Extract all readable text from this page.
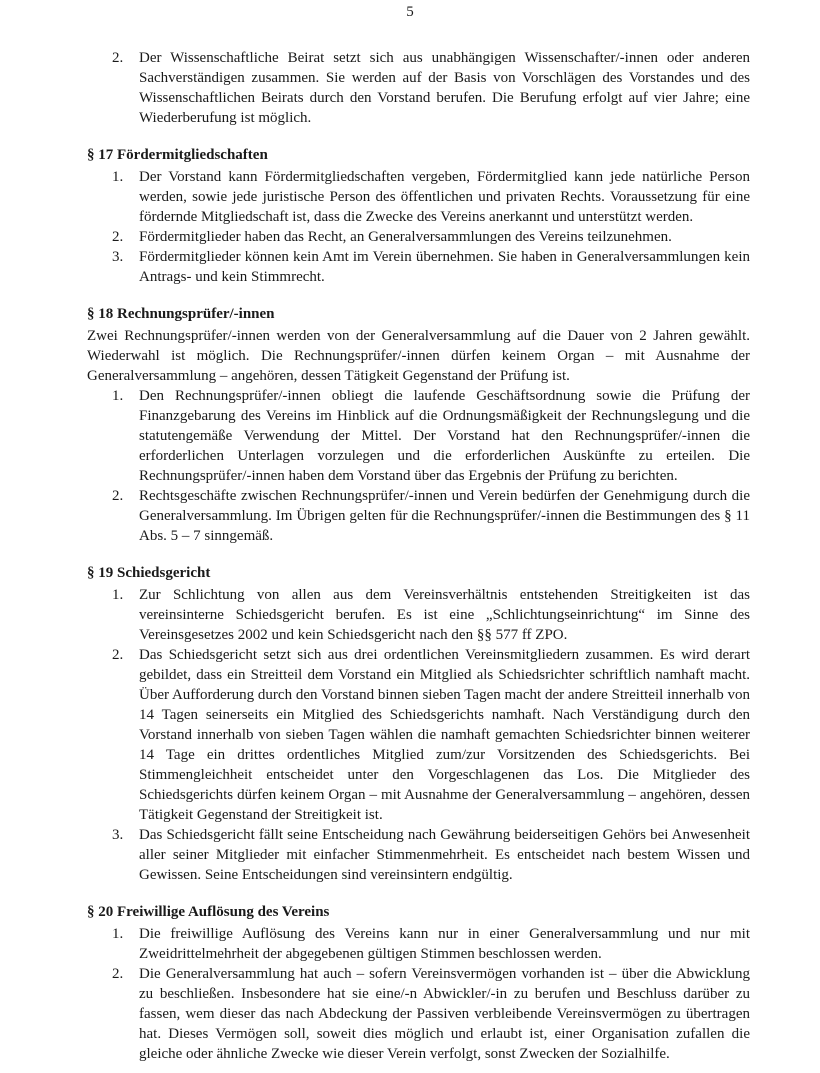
5
2. Der Wissenschaftliche Beirat setzt sich aus unabhängigen Wissenschafter/-innen oder anderen Sachverständigen zusammen. Sie werden auf der Basis von Vorschlägen des Vorstandes und des Wissenschaftlichen Beirats durch den Vorstand berufen. Die Berufung erfolgt auf vier Jahre; eine Wiederberufung ist möglich.
§ 17 Fördermitgliedschaften
1. Der Vorstand kann Fördermitgliedschaften vergeben, Fördermitglied kann jede natürliche Person werden, sowie jede juristische Person des öffentlichen und privaten Rechts. Voraussetzung für eine fördernde Mitgliedschaft ist, dass die Zwecke des Vereins anerkannt und unterstützt werden.
2. Fördermitglieder haben das Recht, an Generalversammlungen des Vereins teilzunehmen.
3. Fördermitglieder können kein Amt im Verein übernehmen. Sie haben in Generalversammlungen kein Antrags- und kein Stimmrecht.
§ 18 Rechnungsprüfer/-innen

Zwei Rechnungsprüfer/-innen werden von der Generalversammlung auf die Dauer von 2 Jahren gewählt. Wiederwahl ist möglich. Die Rechnungsprüfer/-innen dürfen keinem Organ – mit Ausnahme der Generalversammlung – angehören, dessen Tätigkeit Gegenstand der Prüfung ist.

1. Den Rechnungsprüfer/-innen obliegt die laufende Geschäftsordnung sowie die Prüfung der Finanzgebarung des Vereins im Hinblick auf die Ordnungsmäßigkeit der Rechnungslegung und die statutengemäße Verwendung der Mittel. Der Vorstand hat den Rechnungsprüfer/-innen die erforderlichen Unterlagen vorzulegen und die erforderlichen Auskünfte zu erteilen. Die Rechnungsprüfer/-innen haben dem Vorstand über das Ergebnis der Prüfung zu berichten.
2. Rechtsgeschäfte zwischen Rechnungsprüfer/-innen und Verein bedürfen der Genehmigung durch die Generalversammlung. Im Übrigen gelten für die Rechnungsprüfer/-innen die Bestimmungen des § 11 Abs. 5 – 7 sinngemäß.
§ 19 Schiedsgericht
1. Zur Schlichtung von allen aus dem Vereinsverhältnis entstehenden Streitigkeiten ist das vereinsinterne Schiedsgericht berufen. Es ist eine „Schlichtungseinrichtung“ im Sinne des Vereinsgesetzes 2002 und kein Schiedsgericht nach den §§ 577 ff ZPO.
2. Das Schiedsgericht setzt sich aus drei ordentlichen Vereinsmitgliedern zusammen. Es wird derart gebildet, dass ein Streitteil dem Vorstand ein Mitglied als Schiedsrichter schriftlich namhaft macht. Über Aufforderung durch den Vorstand binnen sieben Tagen macht der andere Streitteil innerhalb von 14 Tagen seinerseits ein Mitglied des Schiedsgerichts namhaft. Nach Verständigung durch den Vorstand innerhalb von sieben Tagen wählen die namhaft gemachten Schiedsrichter binnen weiterer 14 Tage ein drittes ordentliches Mitglied zum/zur Vorsitzenden des Schiedsgerichts. Bei Stimmengleichheit entscheidet unter den Vorgeschlagenen das Los. Die Mitglieder des Schiedsgerichts dürfen keinem Organ – mit Ausnahme der Generalversammlung – angehören, dessen Tätigkeit Gegenstand der Streitigkeit ist.
3. Das Schiedsgericht fällt seine Entscheidung nach Gewährung beiderseitigen Gehörs bei Anwesenheit aller seiner Mitglieder mit einfacher Stimmenmehrheit. Es entscheidet nach bestem Wissen und Gewissen. Seine Entscheidungen sind vereinsintern endgültig.
§ 20 Freiwillige Auflösung des Vereins
1. Die freiwillige Auflösung des Vereins kann nur in einer Generalversammlung und nur mit Zweidrittelmehrheit der abgegebenen gültigen Stimmen beschlossen werden.
2. Die Generalversammlung hat auch – sofern Vereinsvermögen vorhanden ist – über die Abwicklung zu beschließen. Insbesondere hat sie eine/-n Abwickler/-in zu berufen und Beschluss darüber zu fassen, wem dieser das nach Abdeckung der Passiven verbleibende Vereinsvermögen zu übertragen hat. Dieses Vermögen soll, soweit dies möglich und erlaubt ist, einer Organisation zufallen die gleiche oder ähnliche Zwecke wie dieser Verein verfolgt, sonst Zwecken der Sozialhilfe.
